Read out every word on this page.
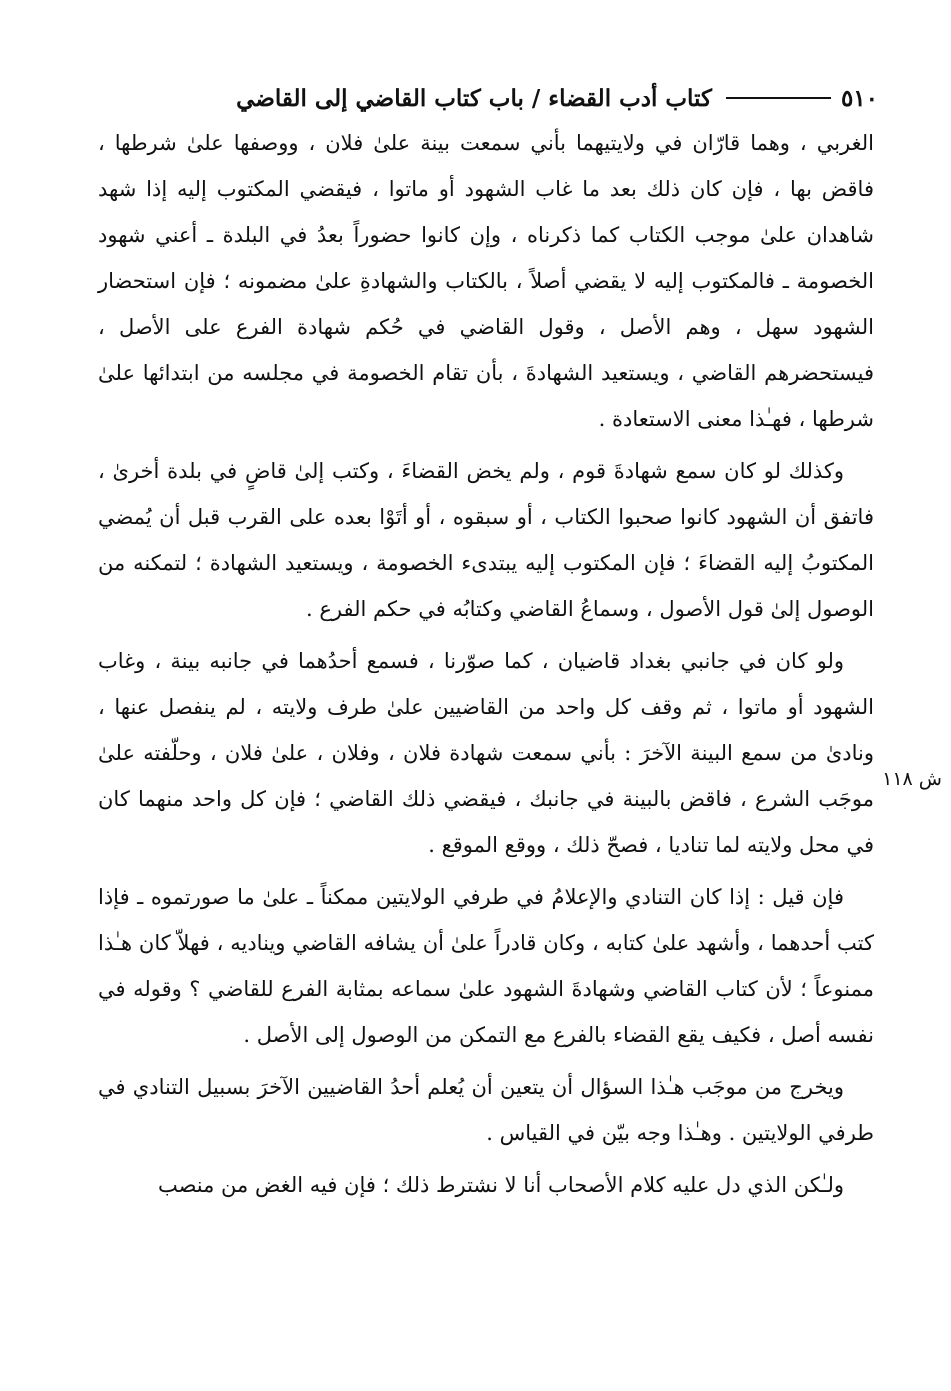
٥١٠
كتاب أدب القضاء / باب كتاب القاضي إلى القاضي

الغربي ، وهما قارّان في ولايتيهما بأني سمعت بينة علىٰ فلان ، ووصفها علىٰ شرطها ، فاقض بها ، فإن كان ذلك بعد ما غاب الشهود أو ماتوا ، فيقضي المكتوب إليه إذا شهد شاهدان علىٰ موجب الكتاب كما ذكرناه ، وإن كانوا حضوراً بعدُ في البلدة ـ أعني شهود الخصومة ـ فالمكتوب إليه لا يقضي أصلاً ، بالكتاب والشهادةِ علىٰ مضمونه ؛ فإن استحضار الشهود سهل ، وهم الأصل ، وقول القاضي في حُكم شهادة الفرع على الأصل ، فيستحضرهم القاضي ، ويستعيد الشهادةَ ، بأن تقام الخصومة في مجلسه من ابتدائها علىٰ شرطها ، فهـٰذا معنى الاستعادة .

وكذلك لو كان سمع شهادةَ قوم ، ولم يخض القضاءَ ، وكتب إلىٰ قاضٍ في بلدة أخرىٰ ، فاتفق أن الشهود كانوا صحبوا الكتاب ، أو سبقوه ، أو أتَوْا بعده على القرب قبل أن يُمضي المكتوبُ إليه القضاءَ ؛ فإن المكتوب إليه يبتدىء الخصومة ، ويستعيد الشهادة ؛ لتمكنه من الوصول إلىٰ قول الأصول ، وسماعُ القاضي وكتابُه في حكم الفرع .

ولو كان في جانبي بغداد قاضيان ، كما صوّرنا ، فسمع أحدُهما في جانبه بينة ، وغاب الشهود أو ماتوا ، ثم وقف كل واحد من القاضيين علىٰ طرف ولايته ، لم ينفصل عنها ، ونادىٰ من سمع البينة الآخرَ : بأني سمعت شهادة فلان ، وفلان ، علىٰ فلان ، وحلّفته علىٰ موجَب الشرع ، فاقض بالبينة في جانبك ، فيقضي ذلك القاضي ؛ فإن كل واحد منهما كان في محل ولايته لما تناديا ، فصحّ ذلك ، ووقع الموقع .

فإن قيل : إذا كان التنادي والإعلامُ في طرفي الولايتين ممكناً ـ علىٰ ما صورتموه ـ فإذا كتب أحدهما ، وأشهد علىٰ كتابه ، وكان قادراً علىٰ أن يشافه القاضي ويناديه ، فهلاّ كان هـٰذا ممنوعاً ؛ لأن كتاب القاضي وشهادةَ الشهود علىٰ سماعه بمثابة الفرع للقاضي ؟ وقوله في نفسه أصل ، فكيف يقع القضاء بالفرع مع التمكن من الوصول إلى الأصل .

ويخرج من موجَب هـٰذا السؤال أن يتعين أن يُعلم أحدُ القاضيين الآخرَ بسبيل التنادي في طرفي الولايتين . وهـٰذا وجه بيّن في القياس .

ولـٰكن الذي دل عليه كلام الأصحاب أنا لا نشترط ذلك ؛ فإن فيه الغض من منصب

ش ١١٨
